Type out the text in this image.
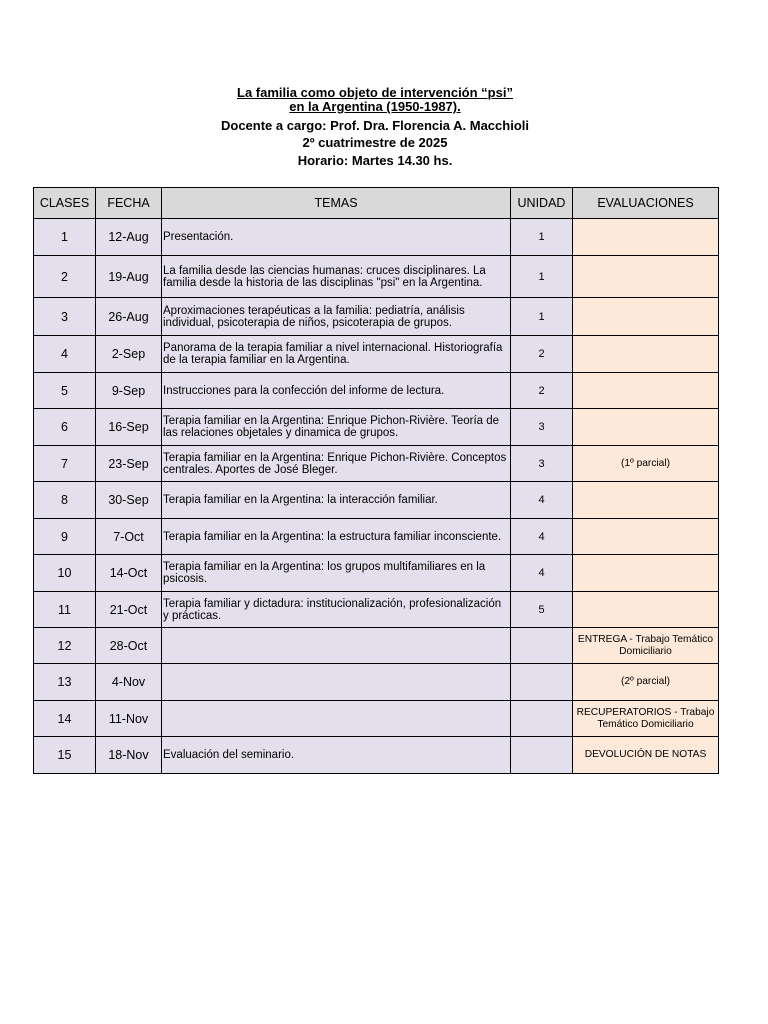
La familia como objeto de intervención “psi”
en la Argentina (1950-1987).
Docente a cargo: Prof. Dra. Florencia A. Macchioli
2º cuatrimestre de 2025
Horario: Martes 14.30 hs.
CLASES	FECHA	TEMAS	UNIDAD	EVALUACIONES
1	12-Aug	Presentación.	1	
2	19-Aug	La familia desde las ciencias humanas: cruces disciplinares. La familia desde la historia de las disciplinas "psi" en la Argentina.	1	
3	26-Aug	Aproximaciones terapéuticas a la familia: pediatría, análisis individual, psicoterapia de niños, psicoterapia de grupos.	1	
4	2-Sep	Panorama de la terapia familiar a nivel internacional. Historiografía de la terapia familiar en la Argentina.	2	
5	9-Sep	Instrucciones para la confección del informe de lectura.	2	
6	16-Sep	Terapia familiar en la Argentina: Enrique Pichon-Rivière. Teoría de las relaciones objetales y dinamica de grupos.	3	
7	23-Sep	Terapia familiar en la Argentina: Enrique Pichon-Rivière. Conceptos centrales. Aportes de José Bleger.	3	(1º parcial)
8	30-Sep	Terapia familiar en la Argentina: la interacción familiar.	4	
9	7-Oct	Terapia familiar en la Argentina: la estructura familiar inconsciente.	4	
10	14-Oct	Terapia familiar en la Argentina: los grupos multifamiliares en la psicosis.	4	
11	21-Oct	Terapia familiar y dictadura: institucionalización, profesionalización y prácticas.	5	
12	28-Oct			ENTREGA - Trabajo Temático Domiciliario
13	4-Nov			(2º parcial)
14	11-Nov			RECUPERATORIOS - Trabajo Temático Domiciliario
15	18-Nov	Evaluación del seminario.		DEVOLUCIÓN DE NOTAS
